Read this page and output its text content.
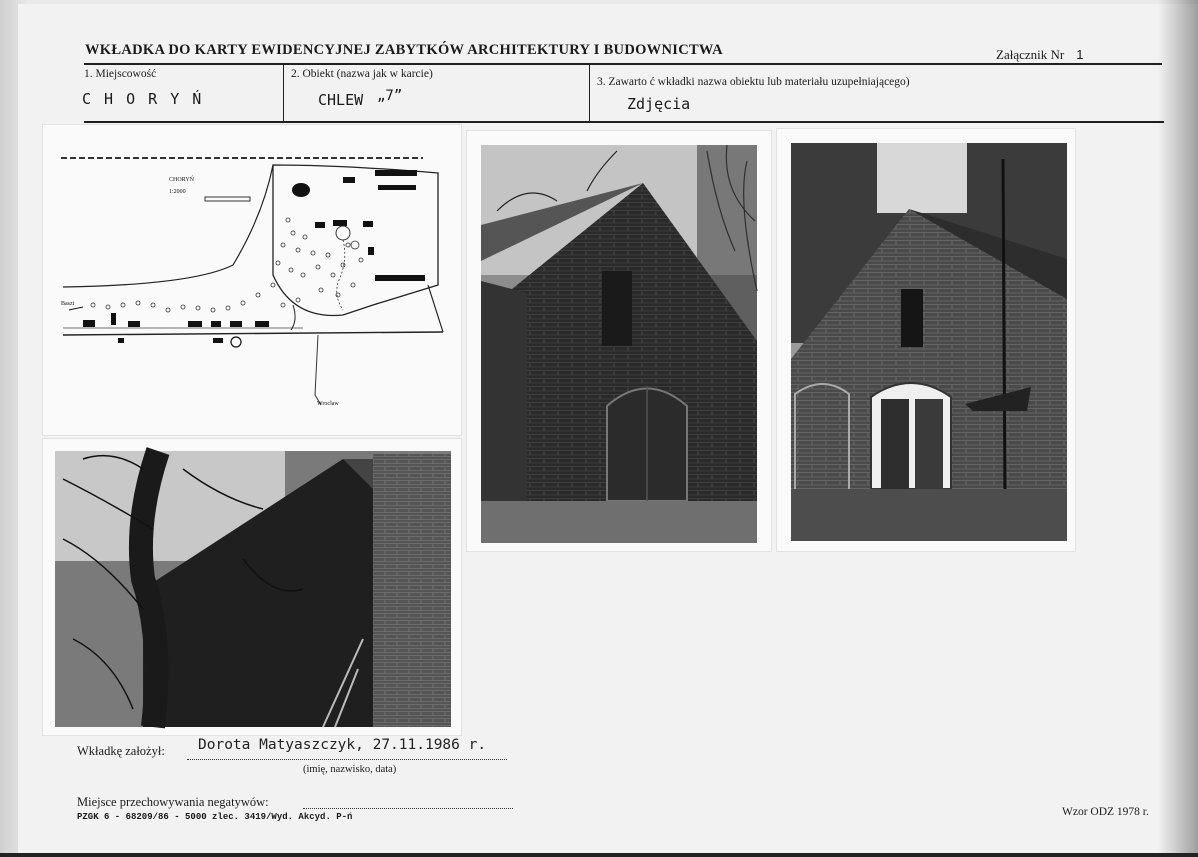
WKŁADKA DO KARTY EWIDENCYJNEJ ZABYTKÓW ARCHITEKTURY I BUDOWNICTWA	Załącznik Nr 1
1. Miejscowość
C H O R Y Ń
2. Obiekt (nazwa jak w karcie)
CHLEW „7”
3. Zawarto ć wkładki nazwa obiektu lub materiału uzupełniającego)
Zdjęcia
CHORYŃ
1:2000
Baszt
Wroclaw
Wkładkę założył: Dorota Matyaszczyk, 27.11.1986 r.
(imię, nazwisko, data)
Miejsce przechowywania negatywów:
PZGK 6 - 68209/86 - 5000 zlec. 3419/Wyd. Akcyd. P-ń	Wzor ODZ 1978 r.
